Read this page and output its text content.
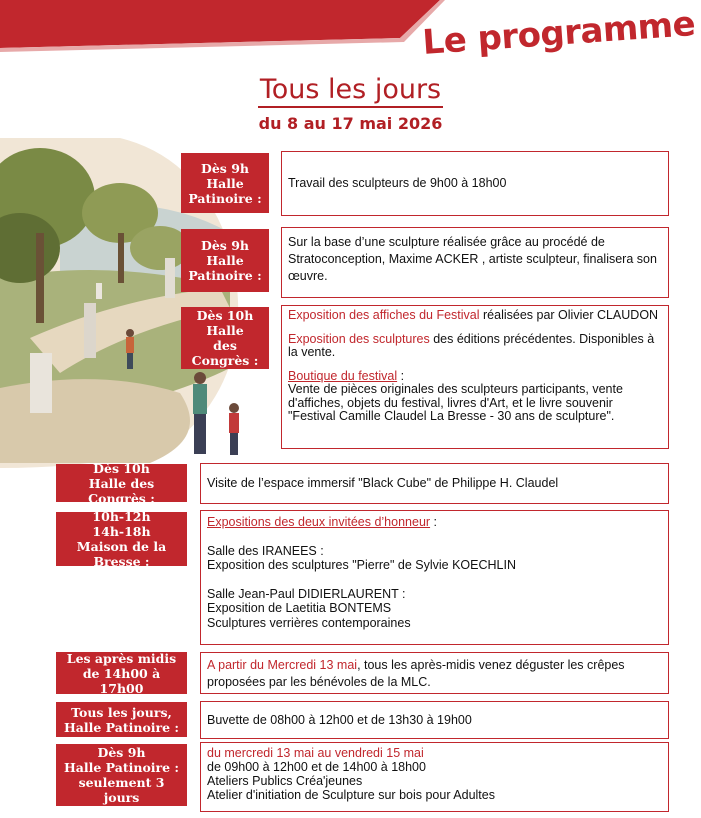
Le programme
Tous les jours
du 8 au 17 mai 2026
Dès 9h
Halle
Patinoire :
Travail des sculpteurs de 9h00 à 18h00
Dès 9h
Halle
Patinoire :
Sur la base d’une sculpture réalisée grâce au procédé de Stratoconception, Maxime ACKER , artiste sculpteur, finalisera son œuvre.
Dès 10h
Halle
des Congrès :
Exposition des affiches du Festival réalisées par Olivier CLAUDON
Exposition des sculptures des éditions précédentes. Disponibles à la vente.
Boutique du festival :
Vente de pièces originales des sculpteurs participants, vente d'affiches, objets du festival, livres d'Art, et le livre souvenir "Festival Camille Claudel La Bresse - 30 ans de sculpture".
Dès 10h
Halle des Congrès :
Visite de l’espace immersif "Black Cube" de Philippe H. Claudel
10h-12h
14h-18h
Maison de la Bresse :
Expositions des deux invitées d’honneur :
Salle des IRANEES :
Exposition des sculptures "Pierre" de Sylvie KOECHLIN
Salle Jean-Paul DIDIERLAURENT :
Exposition de Laetitia BONTEMS
Sculptures verrières contemporaines
Les après midis
de 14h00 à 17h00
A partir du Mercredi 13 mai, tous les après-midis venez déguster les crêpes proposées par les bénévoles de la MLC.
Tous les jours,
Halle Patinoire : Buvette de 08h00 à 12h00 et de 13h30 à 19h00
Dès 9h
Halle Patinoire :
seulement 3 jours
du mercredi 13 mai au vendredi 15 mai
de 09h00 à 12h00 et de 14h00 à 18h00
Ateliers Publics Créa'jeunes
Atelier d'initiation de Sculpture sur bois pour Adultes
